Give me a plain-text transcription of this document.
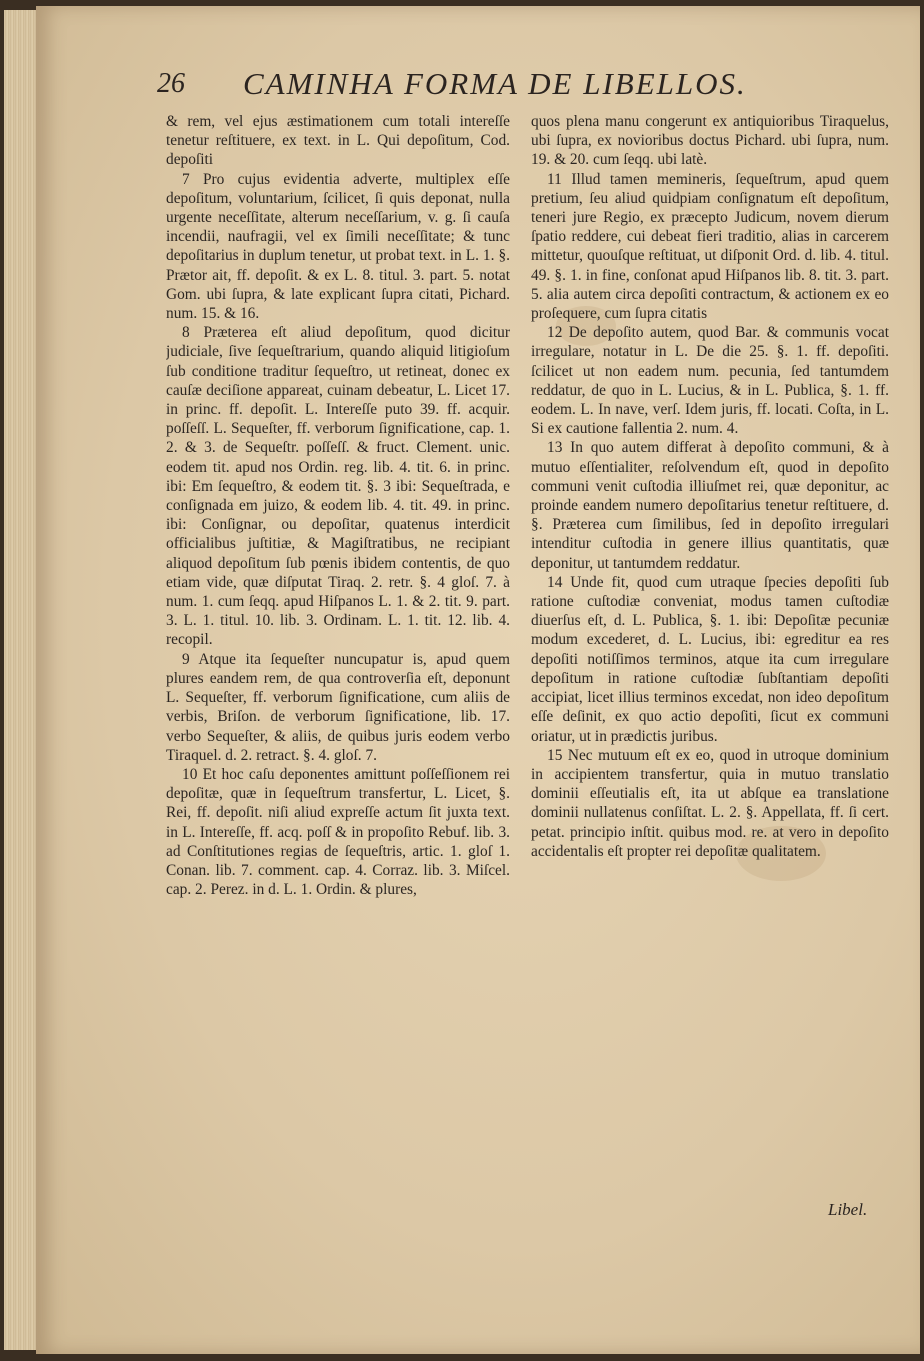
26 CAMINHA FORMA DE LIBELLOS.

& rem, vel ejus æstimationem cum totali intereſſe tenetur reſtituere, ex text. in L. Qui depoſitum, Cod. depoſiti

7 Pro cujus evidentia adverte, multiplex eſſe depoſitum, voluntarium, ſcilicet, ſi quis deponat, nulla urgente neceſſitate, alterum neceſſarium, v. g. ſi cauſa incendii, naufragii, vel ex ſimili neceſſitate; & tunc depoſitarius in duplum tenetur, ut probat text. in L. 1. §. Prætor ait, ff. depoſit. & ex L. 8. titul. 3. part. 5. notat Gom. ubi ſupra, & late explicant ſupra citati, Pichard. num. 15. & 16.

8 Præterea eſt aliud depoſitum, quod dicitur judiciale, ſive ſequeſtrarium, quando aliquid litigioſum ſub conditione traditur ſequeſtro, ut retineat, donec ex cauſæ deciſione appareat, cuinam debeatur, L. Licet 17. in princ. ff. depoſit. L. Intereſſe puto 39. ff. acquir. poſſeſſ. L. Sequeſter, ff. verborum ſignificatione, cap. 1. 2. & 3. de Sequeſtr. poſſeſſ. & fruct. Clement. unic. eodem tit. apud nos Ordin. reg. lib. 4. tit. 6. in princ. ibi: Em ſequeſtro, & eodem tit. §. 3 ibi: Sequeſtrada, e conſignada em juizo, & eodem lib. 4. tit. 49. in princ. ibi: Conſignar, ou depoſitar, quatenus interdicit officialibus juſtitiæ, & Magiſtratibus, ne recipiant aliquod depoſitum ſub pœnis ibidem contentis, de quo etiam vide, quæ diſputat Tiraq. 2. retr. §. 4 gloſ. 7. à num. 1. cum ſeqq. apud Hiſpanos L. 1. & 2. tit. 9. part. 3. L. 1. titul. 10. lib. 3. Ordinam. L. 1. tit. 12. lib. 4. recopil.

9 Atque ita ſequeſter nuncupatur is, apud quem plures eandem rem, de qua controverſia eſt, deponunt L. Sequeſter, ff. verborum ſignificatione, cum aliis de verbis, Briſon. de verborum ſignificatione, lib. 17. verbo Sequeſter, & aliis, de quibus juris eodem verbo Tiraquel. d. 2. retract. §. 4. gloſ. 7.

10 Et hoc caſu deponentes amittunt poſſeſſionem rei depoſitæ, quæ in ſequeſtrum transfertur, L. Licet, §. Rei, ff. depoſit. niſi aliud expreſſe actum ſit juxta text. in L. Intereſſe, ff. acq. poſſ & in propoſito Rebuf. lib. 3. ad Conſtitutiones regias de ſequeſtris, artic. 1. gloſ 1. Conan. lib. 7. comment. cap. 4. Corraz. lib. 3. Miſcel. cap. 2. Perez. in d. L. 1. Ordin. & plures,

quos plena manu congerunt ex antiquioribus Tiraquelus, ubi ſupra, ex novioribus doctus Pichard. ubi ſupra, num. 19. & 20. cum ſeqq. ubi latè.

11 Illud tamen memineris, ſequeſtrum, apud quem pretium, ſeu aliud quidpiam conſignatum eſt depoſitum, teneri jure Regio, ex præcepto Judicum, novem dierum ſpatio reddere, cui debeat fieri traditio, alias in carcerem mittetur, quouſque reſtituat, ut diſponit Ord. d. lib. 4. titul. 49. §. 1. in fine, conſonat apud Hiſpanos lib. 8. tit. 3. part. 5. alia autem circa depoſiti contractum, & actionem ex eo proſequere, cum ſupra citatis

12 De depoſito autem, quod Bar. & communis vocat irregulare, notatur in L. De die 25. §. 1. ff. depoſiti. ſcilicet ut non eadem num. pecunia, ſed tantumdem reddatur, de quo in L. Lucius, & in L. Publica, §. 1. ff. eodem. L. In nave, verſ. Idem juris, ff. locati. Coſta, in L. Si ex cautione fallentia 2. num. 4.

13 In quo autem differat à depoſito communi, & à mutuo eſſentialiter, reſolvendum eſt, quod in depoſito communi venit cuſtodia illiuſmet rei, quæ deponitur, ac proinde eandem numero depoſitarius tenetur reſtituere, d. §. Præterea cum ſimilibus, ſed in depoſito irregulari intenditur cuſtodia in genere illius quantitatis, quæ deponitur, ut tantumdem reddatur.

14 Unde fit, quod cum utraque ſpecies depoſiti ſub ratione cuſtodiæ conveniat, modus tamen cuſtodiæ diuerſus eſt, d. L. Publica, §. 1. ibi: Depoſitæ pecuniæ modum excederet, d. L. Lucius, ibi: egreditur ea res depoſiti notiſſimos terminos, atque ita cum irregulare depoſitum in ratione cuſtodiæ ſubſtantiam depoſiti accipiat, licet illius terminos excedat, non ideo depoſitum eſſe deſinit, ex quo actio depoſiti, ſicut ex communi oriatur, ut in prædictis juribus.

15 Nec mutuum eſt ex eo, quod in utroque dominium in accipientem transfertur, quia in mutuo translatio dominii eſſeutialis eſt, ita ut abſque ea translatione dominii nullatenus conſiſtat. L. 2. §. Appellata, ff. ſi cert. petat. principio inſtit. quibus mod. re. at vero in depoſito accidentalis eſt propter rei depoſitæ qualitatem.

Libel.
